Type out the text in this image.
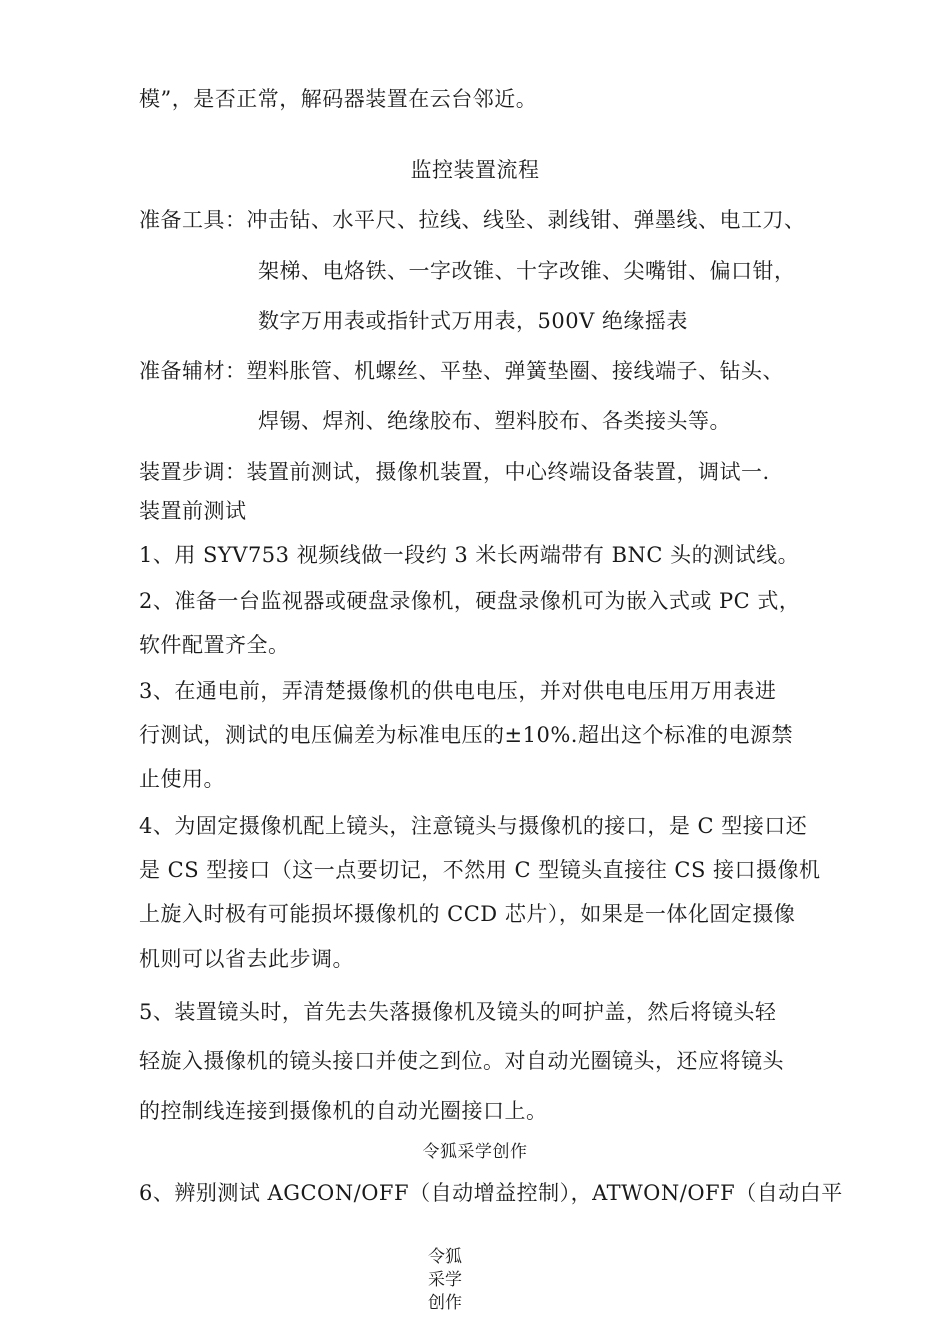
模”，是否正常，解码器装置在云台邻近。
监控装置流程
准备工具：冲击钻、水平尺、拉线、线坠、剥线钳、弹墨线、电工刀、
架梯、电烙铁、一字改锥、十字改锥、尖嘴钳、偏口钳，
数字万用表或指针式万用表，500V 绝缘摇表
准备辅材：塑料胀管、机螺丝、平垫、弹簧垫圈、接线端子、钻头、
焊锡、焊剂、绝缘胶布、塑料胶布、各类接头等。
装置步调：装置前测试，摄像机装置，中心终端设备装置，调试一.
装置前测试
1、用 SYV753 视频线做一段约 3 米长两端带有 BNC 头的测试线。
2、准备一台监视器或硬盘录像机，硬盘录像机可为嵌入式或 PC 式，
软件配置齐全。
3、在通电前，弄清楚摄像机的供电电压，并对供电电压用万用表进
行测试，测试的电压偏差为标准电压的±10%.超出这个标准的电源禁
止使用。
4、为固定摄像机配上镜头，注意镜头与摄像机的接口，是 C 型接口还
是 CS 型接口（这一点要切记，不然用 C 型镜头直接往 CS 接口摄像机
上旋入时极有可能损坏摄像机的 CCD 芯片），如果是一体化固定摄像
机则可以省去此步调。
5、装置镜头时，首先去失落摄像机及镜头的呵护盖，然后将镜头轻
轻旋入摄像机的镜头接口并使之到位。对自动光圈镜头，还应将镜头
的控制线连接到摄像机的自动光圈接口上。
令狐采学创作
6、辨别测试 AGCON/OFF（自动增益控制），ATWON/OFF（自动白平
令狐
采学
创作
